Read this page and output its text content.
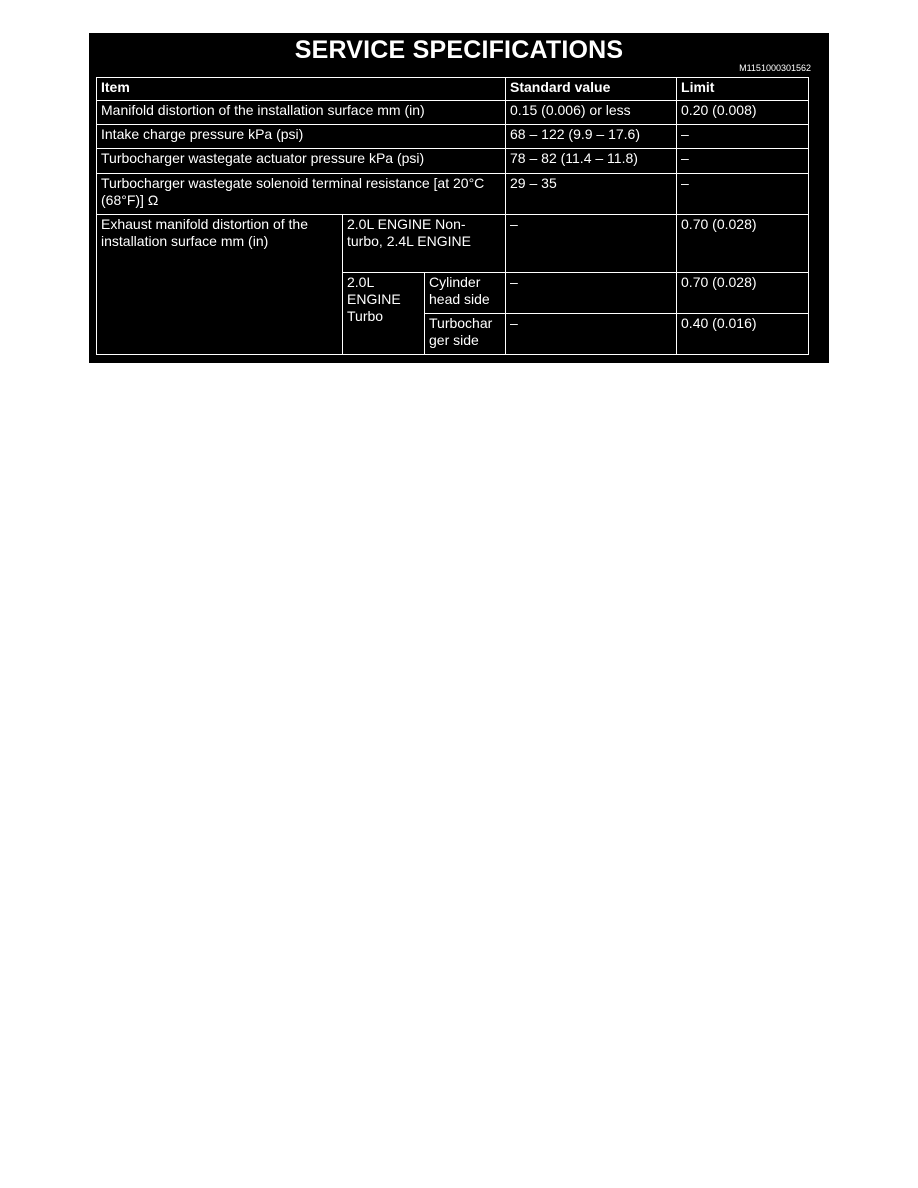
SERVICE SPECIFICATIONS
M1151000301562
Item			Standard value	Limit
Manifold distortion of the installation surface mm (in)			0.15 (0.006) or less	0.20 (0.008)
Intake charge pressure kPa (psi)			68 – 122 (9.9 – 17.6)	–
Turbocharger wastegate actuator pressure kPa (psi)			78 – 82 (11.4 – 11.8)	–
Turbocharger wastegate solenoid terminal resistance [at 20°C (68°F)] Ω			29 – 35	–
Exhaust manifold distortion of the installation surface mm (in)	2.0L ENGINE Non-turbo, 2.4L ENGINE		–	0.70 (0.028)
	2.0L ENGINE Turbo	Cylinder head side	–	0.70 (0.028)
		Turbochar ger side	–	0.40 (0.016)
